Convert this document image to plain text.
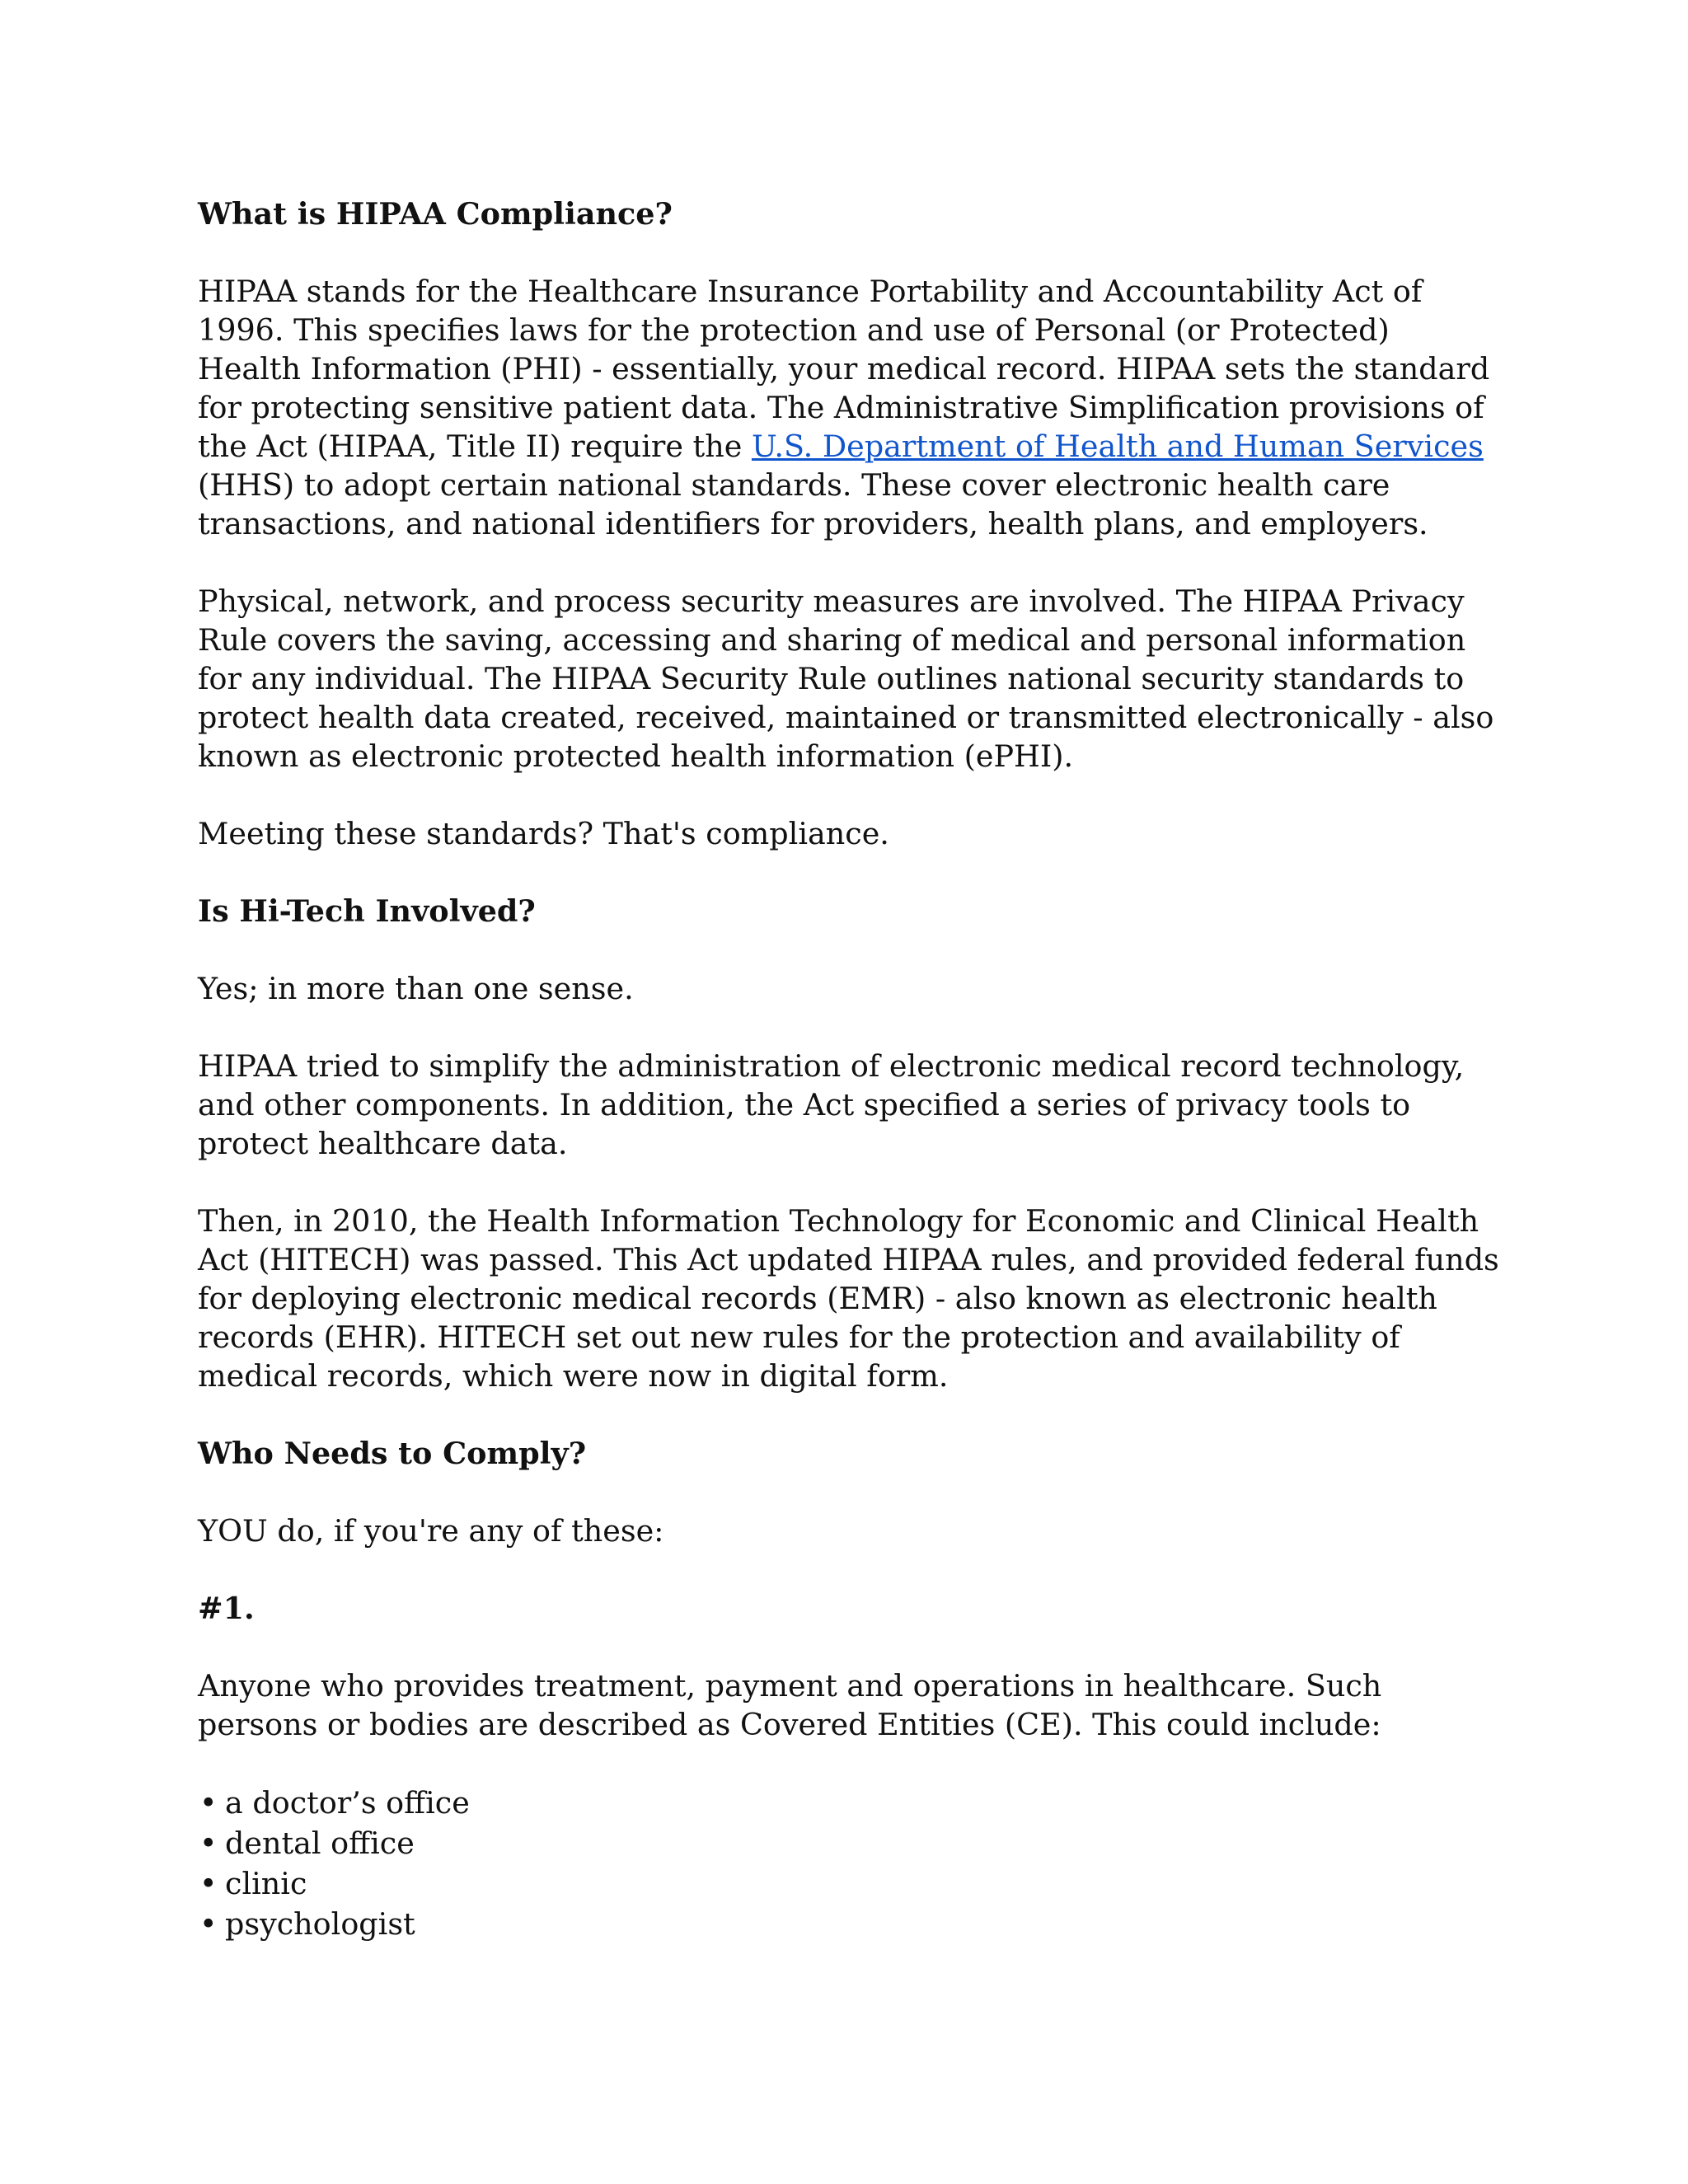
What is HIPAA Compliance?

HIPAA stands for the Healthcare Insurance Portability and Accountability Act of 1996. This specifies laws for the protection and use of Personal (or Protected) Health Information (PHI) - essentially, your medical record. HIPAA sets the standard for protecting sensitive patient data. The Administrative Simplification provisions of the Act (HIPAA, Title II) require the U.S. Department of Health and Human Services (HHS) to adopt certain national standards. These cover electronic health care transactions, and national identifiers for providers, health plans, and employers.

Physical, network, and process security measures are involved. The HIPAA Privacy Rule covers the saving, accessing and sharing of medical and personal information for any individual. The HIPAA Security Rule outlines national security standards to protect health data created, received, maintained or transmitted electronically - also known as electronic protected health information (ePHI).

Meeting these standards? That's compliance.

Is Hi-Tech Involved?

Yes; in more than one sense.

HIPAA tried to simplify the administration of electronic medical record technology, and other components. In addition, the Act specified a series of privacy tools to protect healthcare data.

Then, in 2010, the Health Information Technology for Economic and Clinical Health Act (HITECH) was passed. This Act updated HIPAA rules, and provided federal funds for deploying electronic medical records (EMR) - also known as electronic health records (EHR). HITECH set out new rules for the protection and availability of medical records, which were now in digital form.

Who Needs to Comply?

YOU do, if you're any of these:

#1.

Anyone who provides treatment, payment and operations in healthcare. Such persons or bodies are described as Covered Entities (CE). This could include:

• a doctor’s office
• dental office
• clinic
• psychologist
